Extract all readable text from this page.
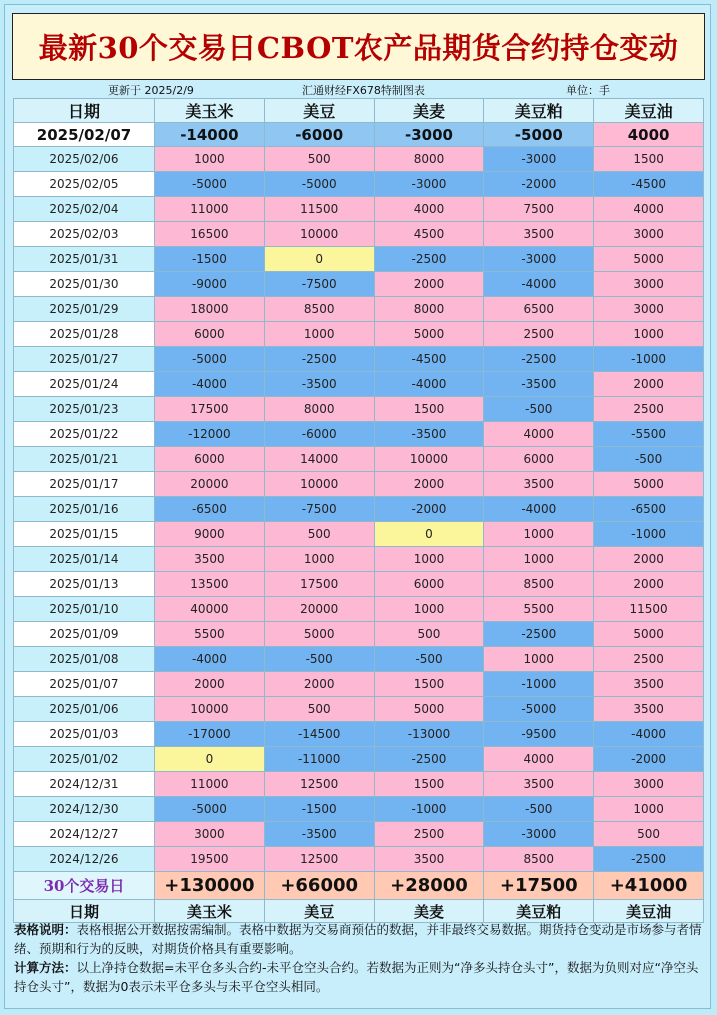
最新30个交易日CBOT农产品期货合约持仓变动
更新于 2025/2/9	汇通财经FX678特制图表	单位：手
日期	美玉米	美豆	美麦	美豆粕	美豆油
2025/02/07	-14000	-6000	-3000	-5000	4000
2025/02/06	1000	500	8000	-3000	1500
2025/02/05	-5000	-5000	-3000	-2000	-4500
2025/02/04	11000	11500	4000	7500	4000
2025/02/03	16500	10000	4500	3500	3000
2025/01/31	-1500	0	-2500	-3000	5000
2025/01/30	-9000	-7500	2000	-4000	3000
2025/01/29	18000	8500	8000	6500	3000
2025/01/28	6000	1000	5000	2500	1000
2025/01/27	-5000	-2500	-4500	-2500	-1000
2025/01/24	-4000	-3500	-4000	-3500	2000
2025/01/23	17500	8000	1500	-500	2500
2025/01/22	-12000	-6000	-3500	4000	-5500
2025/01/21	6000	14000	10000	6000	-500
2025/01/17	20000	10000	2000	3500	5000
2025/01/16	-6500	-7500	-2000	-4000	-6500
2025/01/15	9000	500	0	1000	-1000
2025/01/14	3500	1000	1000	1000	2000
2025/01/13	13500	17500	6000	8500	2000
2025/01/10	40000	20000	1000	5500	11500
2025/01/09	5500	5000	500	-2500	5000
2025/01/08	-4000	-500	-500	1000	2500
2025/01/07	2000	2000	1500	-1000	3500
2025/01/06	10000	500	5000	-5000	3500
2025/01/03	-17000	-14500	-13000	-9500	-4000
2025/01/02	0	-11000	-2500	4000	-2000
2024/12/31	11000	12500	1500	3500	3000
2024/12/30	-5000	-1500	-1000	-500	1000
2024/12/27	3000	-3500	2500	-3000	500
2024/12/26	19500	12500	3500	8500	-2500
30个交易日	+130000	+66000	+28000	+17500	+41000
日期	美玉米	美豆	美麦	美豆粕	美豆油
表格说明：表格根据公开数据按需编制。表格中数据为交易商预估的数据，并非最终交易数据。期货持仓变动是市场参与者情绪、预期和行为的反映，对期货价格具有重要影响。
计算方法：以上净持仓数据=未平仓多头合约-未平仓空头合约。若数据为正则为“净多头持仓头寸”，数据为负则对应“净空头持仓头寸”，数据为0表示未平仓多头与未平仓空头相同。
